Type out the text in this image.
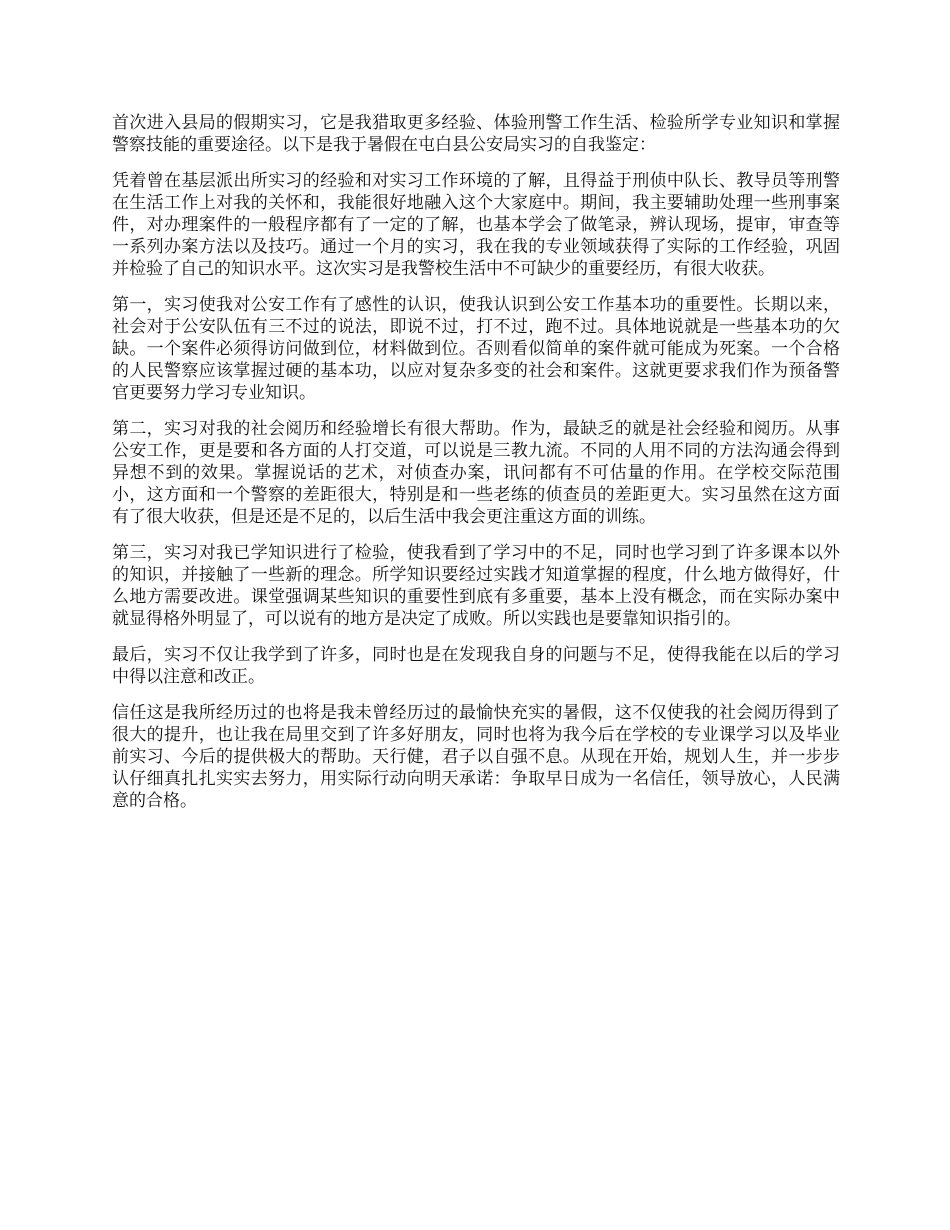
首次进入县局的假期实习，它是我猎取更多经验、体验刑警工作生活、检验所学专业知识和掌握警察技能的重要途径。以下是我于暑假在屯白县公安局实习的自我鉴定：

凭着曾在基层派出所实习的经验和对实习工作环境的了解，且得益于刑侦中队长、教导员等刑警在生活工作上对我的关怀和，我能很好地融入这个大家庭中。期间，我主要辅助处理一些刑事案件，对办理案件的一般程序都有了一定的了解，也基本学会了做笔录，辨认现场，提审，审查等一系列办案方法以及技巧。通过一个月的实习，我在我的专业领域获得了实际的工作经验，巩固并检验了自己的知识水平。这次实习是我警校生活中不可缺少的重要经历，有很大收获。

第一，实习使我对公安工作有了感性的认识，使我认识到公安工作基本功的重要性。长期以来，社会对于公安队伍有三不过的说法，即说不过，打不过，跑不过。具体地说就是一些基本功的欠缺。一个案件必须得访问做到位，材料做到位。否则看似简单的案件就可能成为死案。一个合格的人民警察应该掌握过硬的基本功，以应对复杂多变的社会和案件。这就更要求我们作为预备警官更要努力学习专业知识。

第二，实习对我的社会阅历和经验增长有很大帮助。作为，最缺乏的就是社会经验和阅历。从事公安工作，更是要和各方面的人打交道，可以说是三教九流。不同的人用不同的方法沟通会得到异想不到的效果。掌握说话的艺术，对侦查办案，讯问都有不可估量的作用。在学校交际范围小，这方面和一个警察的差距很大，特别是和一些老练的侦查员的差距更大。实习虽然在这方面有了很大收获，但是还是不足的，以后生活中我会更注重这方面的训练。

第三，实习对我已学知识进行了检验，使我看到了学习中的不足，同时也学习到了许多课本以外的知识，并接触了一些新的理念。所学知识要经过实践才知道掌握的程度，什么地方做得好，什么地方需要改进。课堂强调某些知识的重要性到底有多重要，基本上没有概念，而在实际办案中就显得格外明显了，可以说有的地方是决定了成败。所以实践也是要靠知识指引的。

最后，实习不仅让我学到了许多，同时也是在发现我自身的问题与不足，使得我能在以后的学习中得以注意和改正。

信任这是我所经历过的也将是我未曾经历过的最愉快充实的暑假，这不仅使我的社会阅历得到了很大的提升，也让我在局里交到了许多好朋友，同时也将为我今后在学校的专业课学习以及毕业前实习、今后的提供极大的帮助。天行健，君子以自强不息。从现在开始，规划人生，并一步步认仔细真扎扎实实去努力，用实际行动向明天承诺：争取早日成为一名信任，领导放心，人民满意的合格。
